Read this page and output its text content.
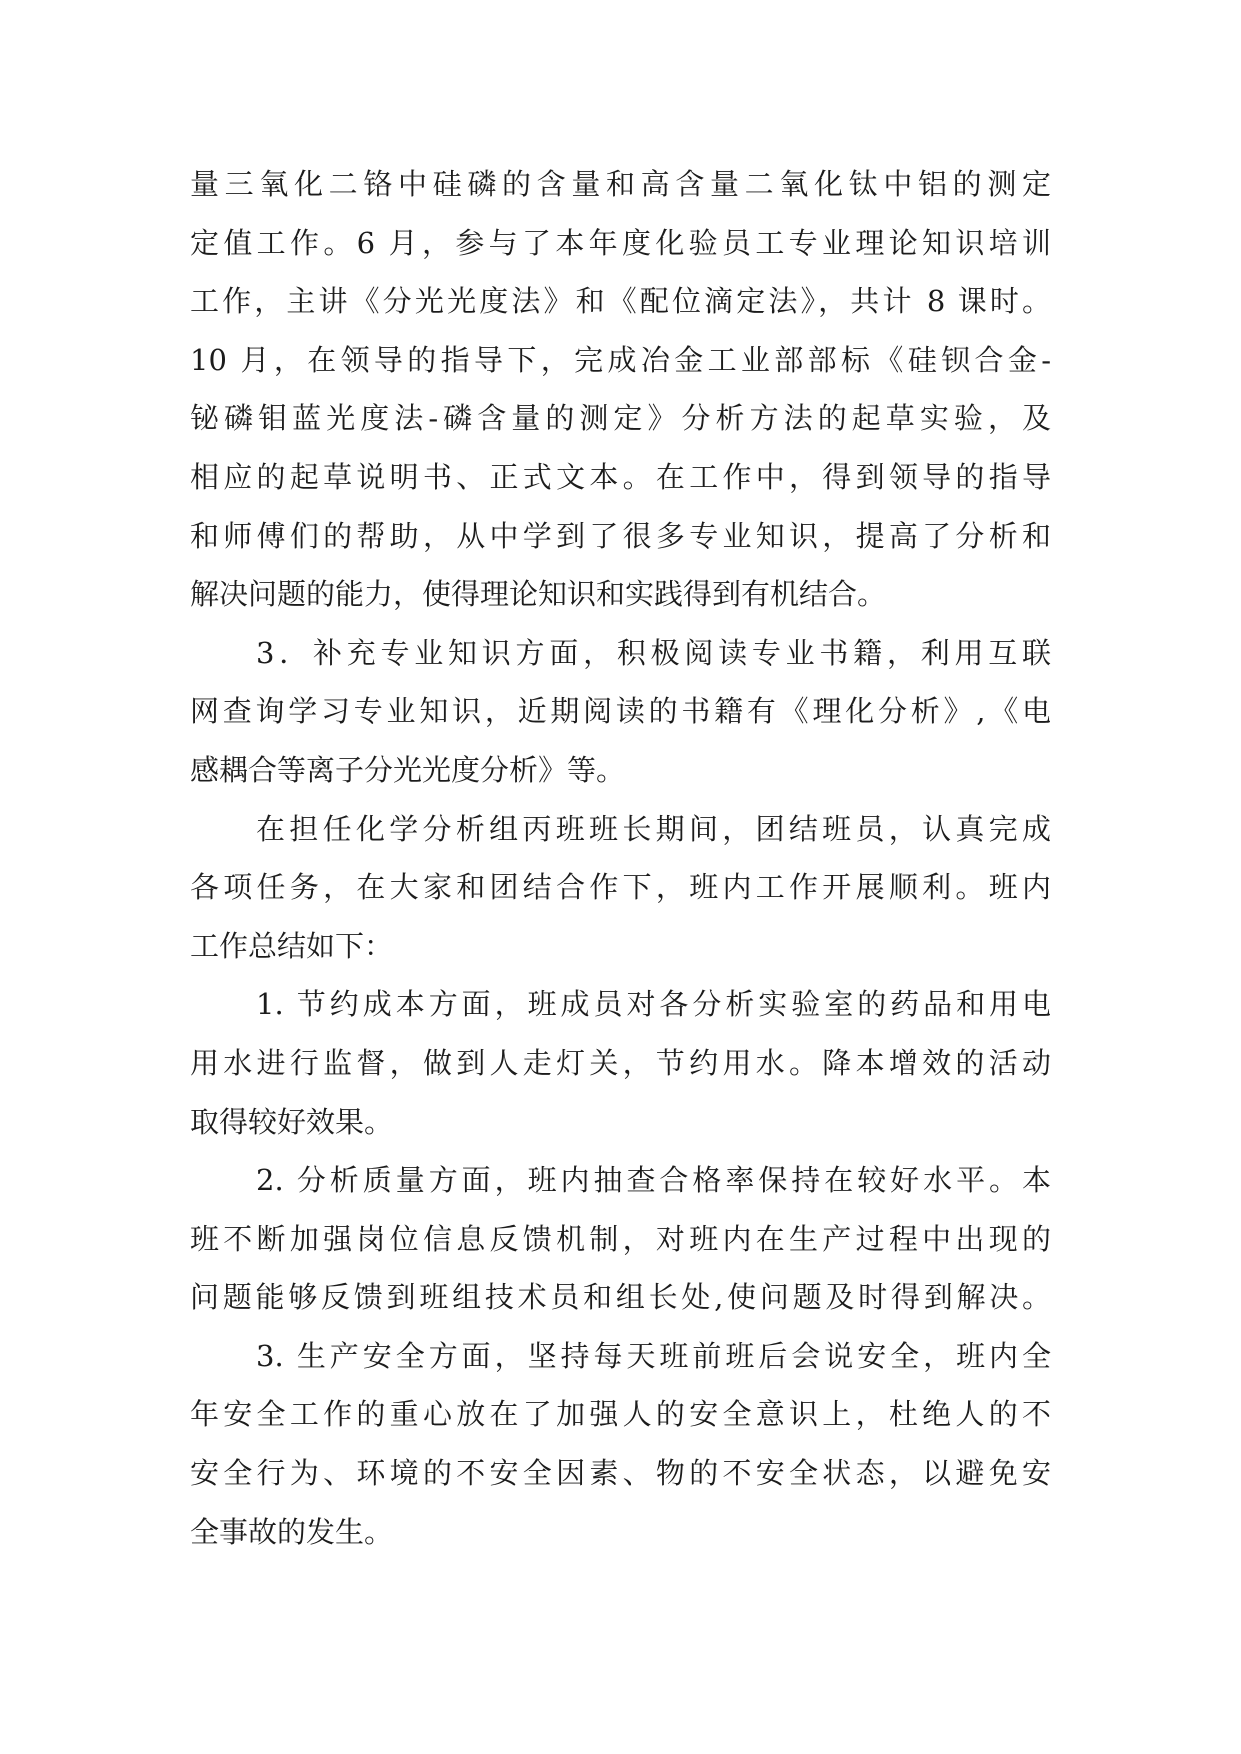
量三氧化二铬中硅磷的含量和高含量二氧化钛中铝的测定
定值工作。6 月，参与了本年度化验员工专业理论知识培训
工作，主讲《分光光度法》和《配位滴定法》，共计 8 课时。
10 月，在领导的指导下，完成冶金工业部部标《硅钡合金-
铋磷钼蓝光度法-磷含量的测定》分析方法的起草实验，及
相应的起草说明书、正式文本。在工作中，得到领导的指导
和师傅们的帮助，从中学到了很多专业知识，提高了分析和
解决问题的能力，使得理论知识和实践得到有机结合。
3．补充专业知识方面，积极阅读专业书籍，利用互联
网查询学习专业知识，近期阅读的书籍有《理化分析》,《电
感耦合等离子分光光度分析》等。
在担任化学分析组丙班班长期间，团结班员，认真完成
各项任务，在大家和团结合作下，班内工作开展顺利。班内
工作总结如下：
1. 节约成本方面，班成员对各分析实验室的药品和用电
用水进行监督，做到人走灯关，节约用水。降本增效的活动
取得较好效果。
2. 分析质量方面，班内抽查合格率保持在较好水平。本
班不断加强岗位信息反馈机制，对班内在生产过程中出现的
问题能够反馈到班组技术员和组长处,使问题及时得到解决。
3. 生产安全方面，坚持每天班前班后会说安全，班内全
年安全工作的重心放在了加强人的安全意识上，杜绝人的不
安全行为、环境的不安全因素、物的不安全状态，以避免安
全事故的发生。
